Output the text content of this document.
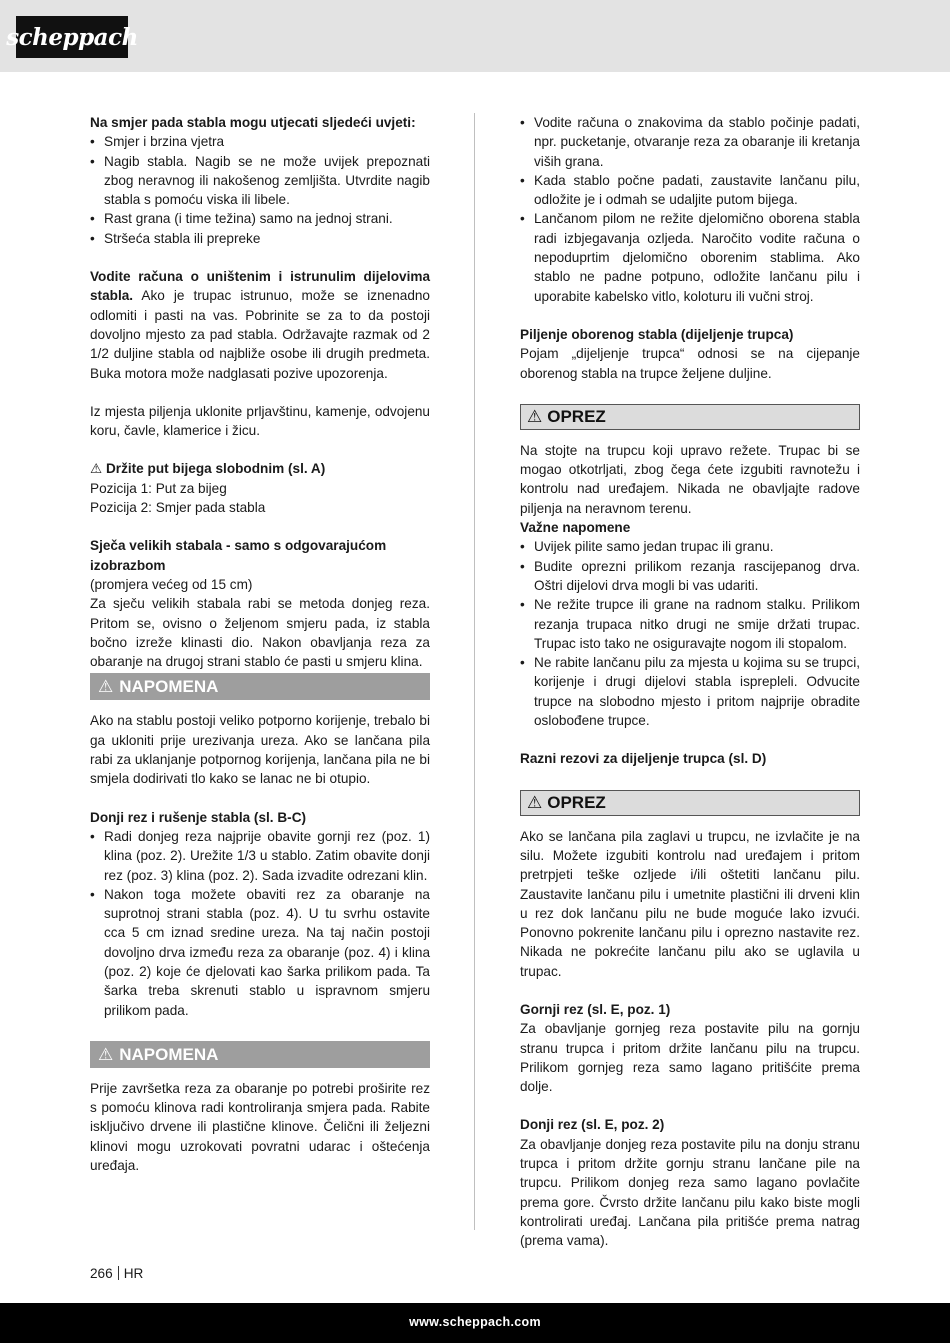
scheppach

Na smjer pada stabla mogu utjecati sljedeći uvjeti:

• Smjer i brzina vjetra
• Nagib stabla. Nagib se ne može uvijek prepoznati zbog neravnog ili nakošenog zemljišta. Utvrdite nagib stabla s pomoću viska ili libele.
• Rast grana (i time težina) samo na jednoj strani.
• Stršeća stabla ili prepreke

Vodite računa o uništenim i istrunulim dijelovima stabla. Ako je trupac istrunuo, može se iznenadno odlomiti i pasti na vas. Pobrinite se za to da postoji dovoljno mjesto za pad stabla. Održavajte razmak od 2 1/2 duljine stabla od najbliže osobe ili drugih predmeta. Buka motora može nadglasati pozive upozorenja.

Iz mjesta piljenja uklonite prljavštinu, kamenje, odvojenu koru, čavle, klamerice i žicu.

⚠ Držite put bijega slobodnim (sl. A)

Pozicija 1: Put za bijeg

Pozicija 2: Smjer pada stabla

Sječa velikih stabala - samo s odgovarajućom izobrazbom

(promjera većeg od 15 cm)

Za sječu velikih stabala rabi se metoda donjeg reza. Pritom se, ovisno o željenom smjeru pada, iz stabla bočno izreže klinasti dio. Nakon obavljanja reza za obaranje na drugoj strani stablo će pasti u smjeru klina.

⚠ NAPOMENA

Ako na stablu postoji veliko potporno korijenje, trebalo bi ga ukloniti prije urezivanja ureza. Ako se lančana pila rabi za uklanjanje potpornog korijenja, lančana pila ne bi smjela dodirivati tlo kako se lanac ne bi otupio.

Donji rez i rušenje stabla (sl. B-C)

• Radi donjeg reza najprije obavite gornji rez (poz. 1) klina (poz. 2). Urežite 1/3 u stablo. Zatim obavite donji rez (poz. 3) klina (poz. 2). Sada izvadite odrezani klin.
• Nakon toga možete obaviti rez za obaranje na suprotnoj strani stabla (poz. 4). U tu svrhu ostavite cca 5 cm iznad sredine ureza. Na taj način postoji dovoljno drva između reza za obaranje (poz. 4) i klina (poz. 2) koje će djelovati kao šarka prilikom pada. Ta šarka treba skrenuti stablo u ispravnom smjeru prilikom pada.
⚠ NAPOMENA

Prije završetka reza za obaranje po potrebi proširite rez s pomoću klinova radi kontroliranja smjera pada. Rabite isključivo drvene ili plastične klinove. Čelični ili željezni klinovi mogu uzrokovati povratni udarac i oštećenja uređaja.

• Vodite računa o znakovima da stablo počinje padati, npr. pucketanje, otvaranje reza za obaranje ili kretanja viših grana.
• Kada stablo počne padati, zaustavite lančanu pilu, odložite je i odmah se udaljite putom bijega.
• Lančanom pilom ne režite djelomično oborena stabla radi izbjegavanja ozljeda. Naročito vodite računa o nepoduprtim djelomično oborenim stablima. Ako stablo ne padne potpuno, odložite lančanu pilu i uporabite kabelsko vitlo, koloturu ili vučni stroj.

Piljenje oborenog stabla (dijeljenje trupca)

Pojam „dijeljenje trupca“ odnosi se na cijepanje oborenog stabla na trupce željene duljine.

⚠ OPREZ

Na stojte na trupcu koji upravo režete. Trupac bi se mogao otkotrljati, zbog čega ćete izgubiti ravnotežu i kontrolu nad uređajem. Nikada ne obavljajte radove piljenja na neravnom terenu.

Važne napomene

• Uvijek pilite samo jedan trupac ili granu.
• Budite oprezni prilikom rezanja rascijepanog drva. Oštri dijelovi drva mogli bi vas udariti.
• Ne režite trupce ili grane na radnom stalku. Prilikom rezanja trupaca nitko drugi ne smije držati trupac. Trupac isto tako ne osiguravajte nogom ili stopalom.
• Ne rabite lančanu pilu za mjesta u kojima su se trupci, korijenje i drugi dijelovi stabla isprepleli. Odvucite trupce na slobodno mjesto i pritom najprije obradite oslobođene trupce.

Razni rezovi za dijeljenje trupca (sl. D)

⚠ OPREZ

Ako se lančana pila zaglavi u trupcu, ne izvlačite je na silu. Možete izgubiti kontrolu nad uređajem i pritom pretrpjeti teške ozljede i/ili oštetiti lančanu pilu. Zaustavite lančanu pilu i umetnite plastični ili drveni klin u rez dok lančanu pilu ne bude moguće lako izvući. Ponovno pokrenite lančanu pilu i oprezno nastavite rez. Nikada ne pokrećite lančanu pilu ako se uglavila u trupac.

Gornji rez (sl. E, poz. 1)

Za obavljanje gornjeg reza postavite pilu na gornju stranu trupca i pritom držite lančanu pilu na trupcu. Prilikom gornjeg reza samo lagano pritišćite prema dolje.

Donji rez (sl. E, poz. 2)

Za obavljanje donjeg reza postavite pilu na donju stranu trupca i pritom držite gornju stranu lančane pile na trupcu. Prilikom donjeg reza samo lagano povlačite prema gore. Čvrsto držite lančanu pilu kako biste mogli kontrolirati uređaj. Lančana pila pritišće prema natrag (prema vama).

266 HR
www.scheppach.com
